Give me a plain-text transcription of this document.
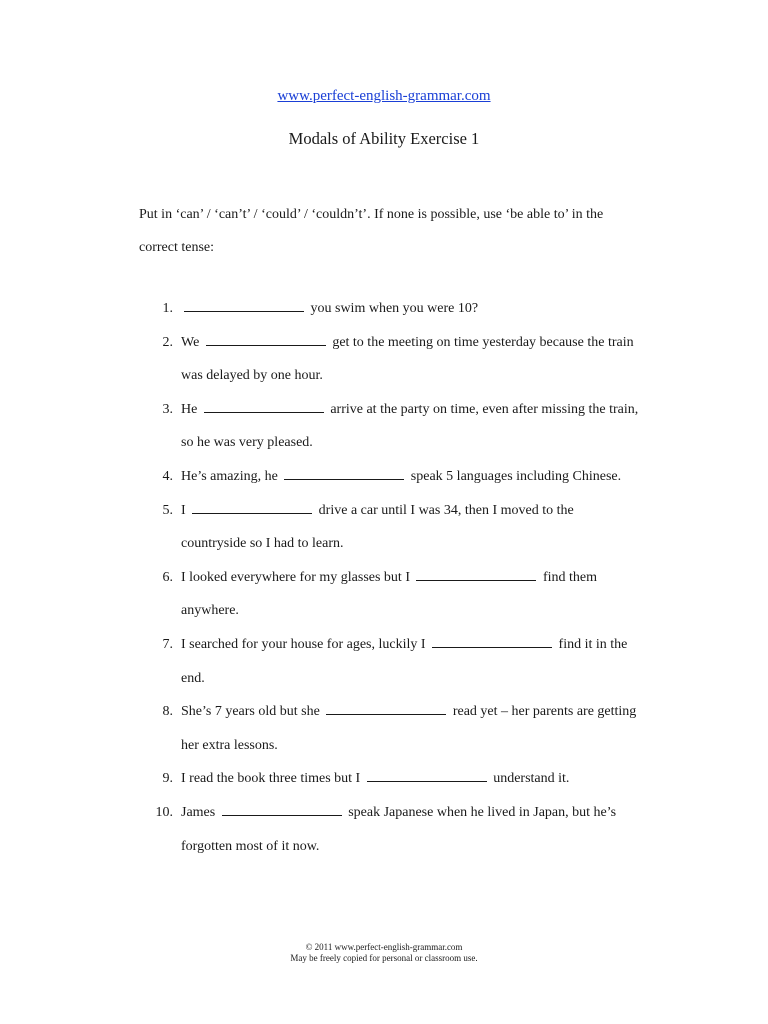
www.perfect-english-grammar.com
Modals of Ability Exercise 1
Put in ‘can’ / ‘can’t’ / ‘could’ / ‘couldn’t’. If none is possible, use ‘be able to’ in the correct tense:
1.	you swim when you were 10?
2. We	get to the meeting on time yesterday because the train was delayed by one hour.
3. He	arrive at the party on time, even after missing the train, so he was very pleased.
4. He’s amazing, he	speak 5 languages including Chinese.
5. I	drive a car until I was 34, then I moved to the countryside so I had to learn.
6. I looked everywhere for my glasses but I	find them anywhere.
7. I searched for your house for ages, luckily I	find it in the end.
8. She’s 7 years old but she	read yet – her parents are getting her extra lessons.
9. I read the book three times but I	understand it.
10. James	speak Japanese when he lived in Japan, but he’s forgotten most of it now.
© 2011 www.perfect-english-grammar.com
May be freely copied for personal or classroom use.
